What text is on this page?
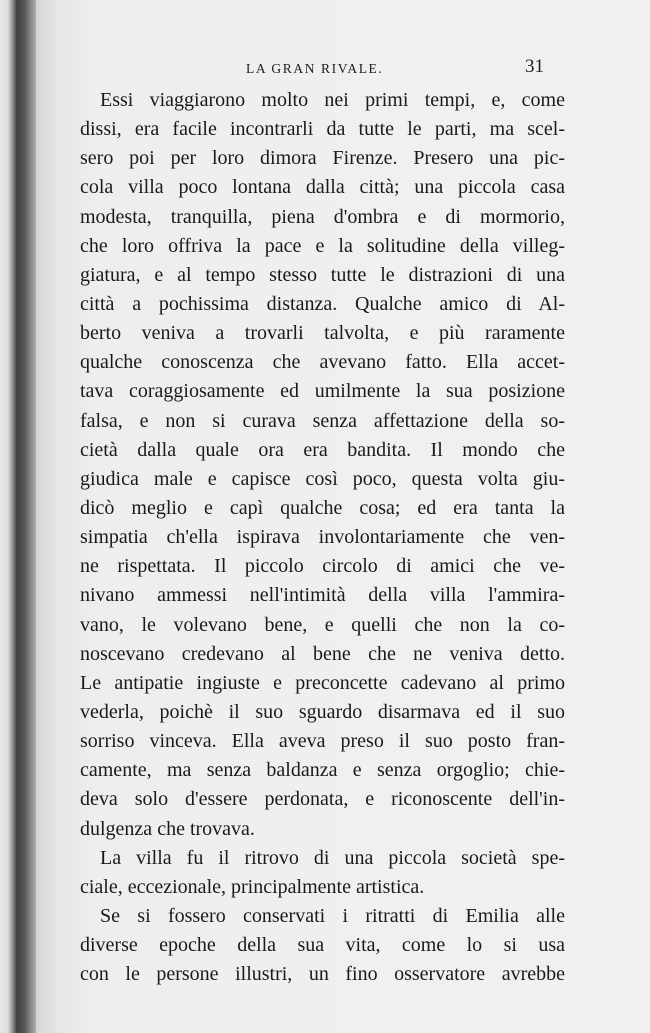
LA GRAN RIVALE.	31
Essi viaggiarono molto nei primi tempi, e, come
dissi, era facile incontrarli da tutte le parti, ma scel-
sero poi per loro dimora Firenze. Presero una pic-
cola villa poco lontana dalla città; una piccola casa
modesta, tranquilla, piena d'ombra e di mormorio,
che loro offriva la pace e la solitudine della villeg-
giatura, e al tempo stesso tutte le distrazioni di una
città a pochissima distanza. Qualche amico di Al-
berto veniva a trovarli talvolta, e più raramente
qualche conoscenza che avevano fatto. Ella accet-
tava coraggiosamente ed umilmente la sua posizione
falsa, e non si curava senza affettazione della so-
cietà dalla quale ora era bandita. Il mondo che
giudica male e capisce così poco, questa volta giu-
dicò meglio e capì qualche cosa; ed era tanta la
simpatia ch'ella ispirava involontariamente che ven-
ne rispettata. Il piccolo circolo di amici che ve-
nivano ammessi nell'intimità della villa l'ammira-
vano, le volevano bene, e quelli che non la co-
noscevano credevano al bene che ne veniva detto.
Le antipatie ingiuste e preconcette cadevano al primo
vederla, poichè il suo sguardo disarmava ed il suo
sorriso vinceva. Ella aveva preso il suo posto fran-
camente, ma senza baldanza e senza orgoglio; chie-
deva solo d'essere perdonata, e riconoscente dell'in-
dulgenza che trovava.
La villa fu il ritrovo di una piccola società spe-
ciale, eccezionale, principalmente artistica.
Se si fossero conservati i ritratti di Emilia alle
diverse epoche della sua vita, come lo si usa
con le persone illustri, un fino osservatore avrebbe
